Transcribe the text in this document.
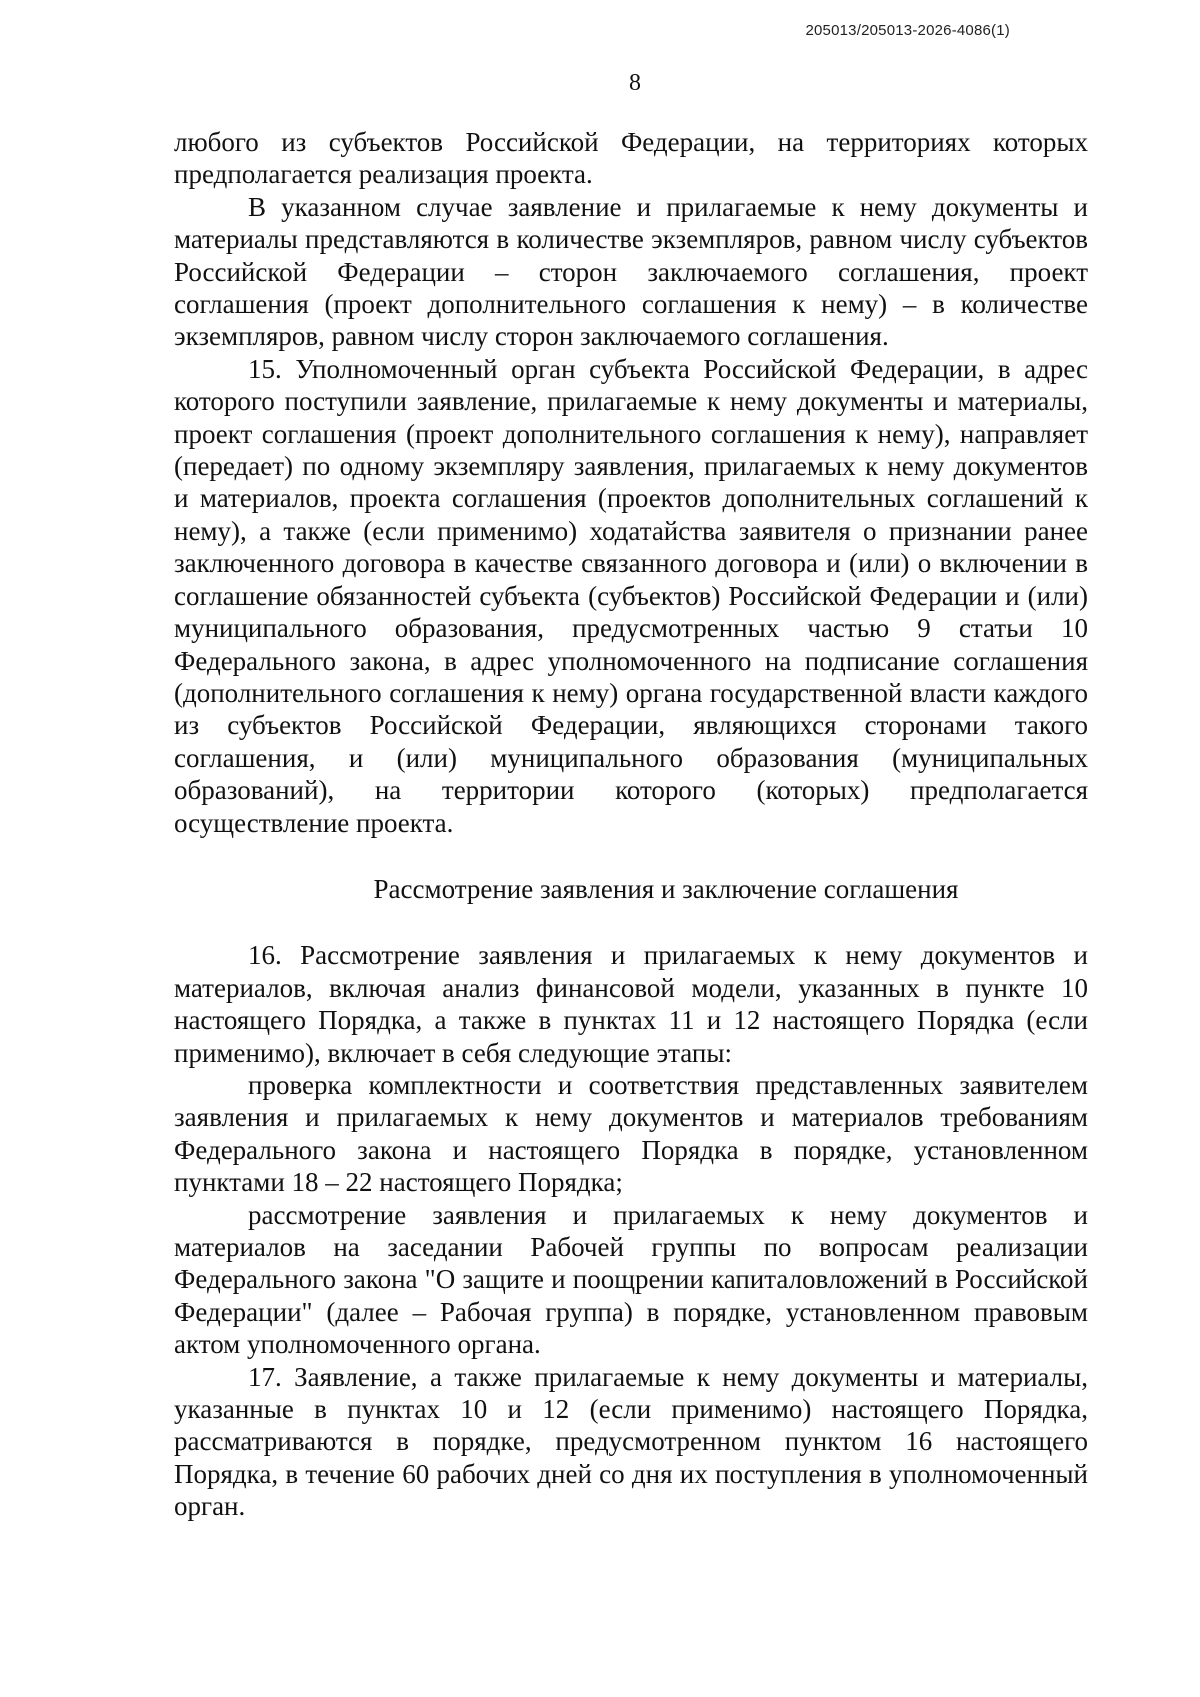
205013/205013-2026-4086(1)
8

любого из субъектов Российской Федерации, на территориях которых предполагается реализация проекта.

В указанном случае заявление и прилагаемые к нему документы и материалы представляются в количестве экземпляров, равном числу субъектов Российской Федерации – сторон заключаемого соглашения, проект соглашения (проект дополнительного соглашения к нему) – в количестве экземпляров, равном числу сторон заключаемого соглашения.

15. Уполномоченный орган субъекта Российской Федерации, в адрес которого поступили заявление, прилагаемые к нему документы и материалы, проект соглашения (проект дополнительного соглашения к нему), направляет (передает) по одному экземпляру заявления, прилагаемых к нему документов и материалов, проекта соглашения (проектов дополнительных соглашений к нему), а также (если применимо) ходатайства заявителя о признании ранее заключенного договора в качестве связанного договора и (или) о включении в соглашение обязанностей субъекта (субъектов) Российской Федерации и (или) муниципального образования, предусмотренных частью 9 статьи 10 Федерального закона, в адрес уполномоченного на подписание соглашения (дополнительного соглашения к нему) органа государственной власти каждого из субъектов Российской Федерации, являющихся сторонами такого соглашения, и (или) муниципального образования (муниципальных образований), на территории которого (которых) предполагается осуществление проекта.

Рассмотрение заявления и заключение соглашения

16. Рассмотрение заявления и прилагаемых к нему документов и материалов, включая анализ финансовой модели, указанных в пункте 10 настоящего Порядка, а также в пунктах 11 и 12 настоящего Порядка (если применимо), включает в себя следующие этапы:

проверка комплектности и соответствия представленных заявителем заявления и прилагаемых к нему документов и материалов требованиям Федерального закона и настоящего Порядка в порядке, установленном пунктами 18 – 22 настоящего Порядка;

рассмотрение заявления и прилагаемых к нему документов и материалов на заседании Рабочей группы по вопросам реализации Федерального закона "О защите и поощрении капиталовложений в Российской Федерации" (далее – Рабочая группа) в порядке, установленном правовым актом уполномоченного органа.

17. Заявление, а также прилагаемые к нему документы и материалы, указанные в пунктах 10 и 12 (если применимо) настоящего Порядка, рассматриваются в порядке, предусмотренном пунктом 16 настоящего Порядка, в течение 60 рабочих дней со дня их поступления в уполномоченный орган.
